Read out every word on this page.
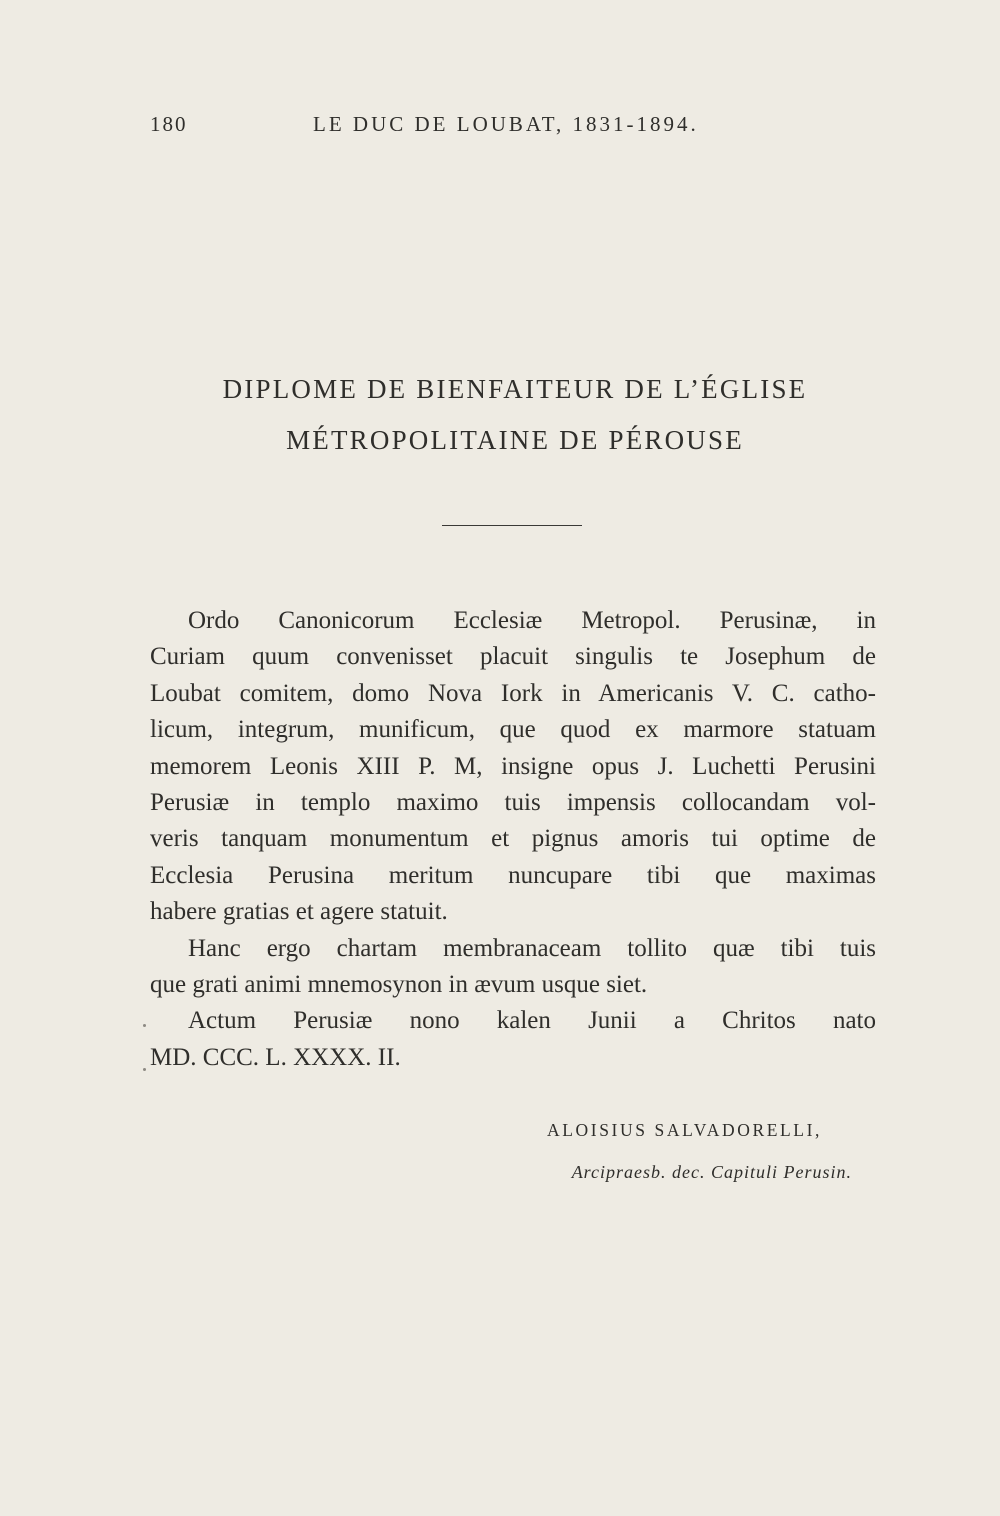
180	LE DUC DE LOUBAT, 1831-1894.
DIPLOME DE BIENFAITEUR DE L’ÉGLISE
MÉTROPOLITAINE DE PÉROUSE
Ordo Canonicorum Ecclesiæ Metropol. Perusinæ, in
Curiam quum convenisset placuit singulis te Josephum de
Loubat comitem, domo Nova Iork in Americanis V. C. catho-
licum, integrum, munificum, que quod ex marmore statuam
memorem Leonis XIII P. M, insigne opus J. Luchetti Perusini
Perusiæ in templo maximo tuis impensis collocandam vol-
veris tanquam monumentum et pignus amoris tui optime de
Ecclesia Perusina meritum nuncupare tibi que maximas
habere gratias et agere statuit.
Hanc ergo chartam membranaceam tollito quæ tibi tuis
que grati animi mnemosynon in ævum usque siet.
Actum Perusiæ nono kalen Junii a Chritos nato
MD. CCC. L. XXXX. II.
ALOISIUS SALVADORELLI,
Arcipraesb. dec. Capituli Perusin.
